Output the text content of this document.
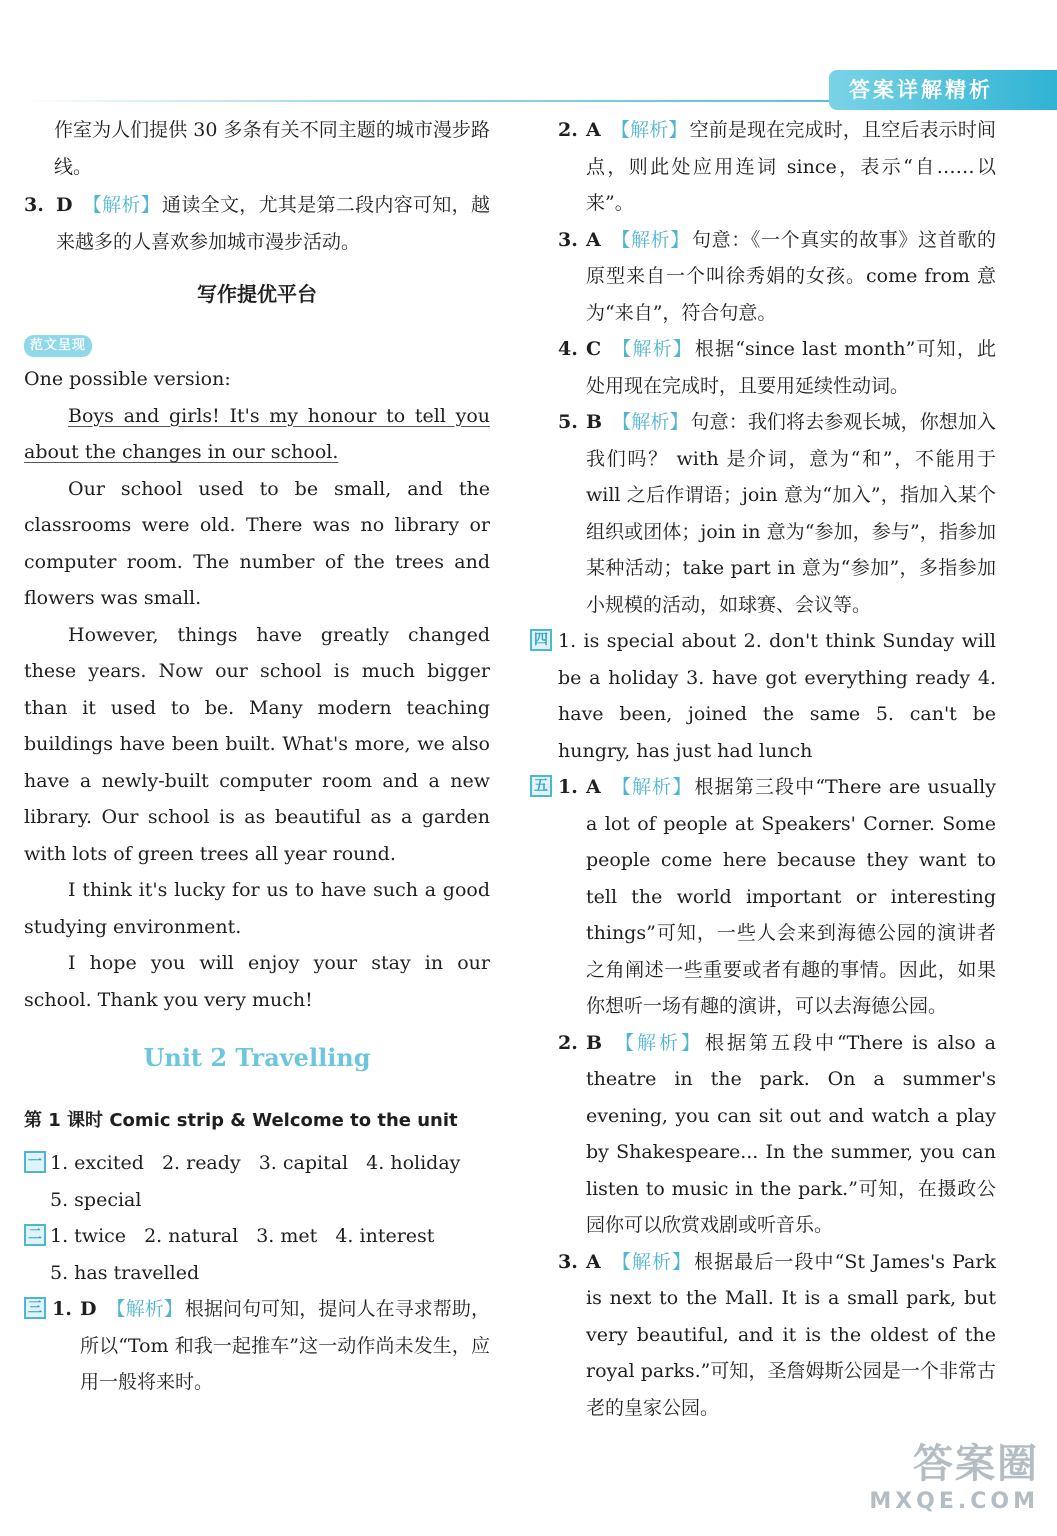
答案详解精析
作室为人们提供 30 多条有关不同主题的城市漫步路线。
3. D 【解析】 通读全文，尤其是第二段内容可知，越来越多的人喜欢参加城市漫步活动。
写作提优平台
范文呈现
One possible version:
Boys and girls! It's my honour to tell you about the changes in our school.
Our school used to be small, and the classrooms were old. There was no library or computer room. The number of the trees and flowers was small.
However, things have greatly changed these years. Now our school is much bigger than it used to be. Many modern teaching buildings have been built. What's more, we also have a newly-built computer room and a new library. Our school is as beautiful as a garden with lots of green trees all year round.
I think it's lucky for us to have such a good studying environment.
I hope you will enjoy your stay in our school. Thank you very much!
Unit 2 Travelling
第 1 课时 Comic strip & Welcome to the unit
一 1. excited 2. ready 3. capital 4. holiday
5. special
二 1. twice 2. natural 3. met 4. interest
5. has travelled
三 1. D 【解析】 根据问句可知，提问人在寻求帮助，所以“Tom 和我一起推车”这一动作尚未发生，应用一般将来时。
2. A 【解析】 空前是现在完成时，且空后表示时间点，则此处应用连词 since，表示“自……以来”。
3. A 【解析】 句意：《一个真实的故事》这首歌的原型来自一个叫徐秀娟的女孩。come from 意为“来自”，符合句意。
4. C 【解析】 根据“since last month”可知，此处用现在完成时，且要用延续性动词。
5. B 【解析】 句意：我们将去参观长城，你想加入我们吗？ with 是介词，意为“和”，不能用于 will 之后作谓语；join 意为“加入”，指加入某个组织或团体；join in 意为“参加，参与”，指参加某种活动；take part in 意为“参加”，多指参加小规模的活动，如球赛、会议等。
四 1. is special about 2. don't think Sunday will be a holiday 3. have got everything ready 4. have been, joined the same 5. can't be hungry, has just had lunch
五 1. A 【解析】 根据第三段中“There are usually a lot of people at Speakers' Corner. Some people come here because they want to tell the world important or interesting things”可知，一些人会来到海德公园的演讲者之角阐述一些重要或者有趣的事情。因此，如果你想听一场有趣的演讲，可以去海德公园。
2. B 【解析】 根据第五段中“There is also a theatre in the park. On a summer's evening, you can sit out and watch a play by Shakespeare... In the summer, you can listen to music in the park.”可知，在摄政公园你可以欣赏戏剧或听音乐。
3. A 【解析】 根据最后一段中“St James's Park is next to the Mall. It is a small park, but very beautiful, and it is the oldest of the royal parks.”可知，圣詹姆斯公园是一个非常古老的皇家公园。
答案圈
MXQE.COM
